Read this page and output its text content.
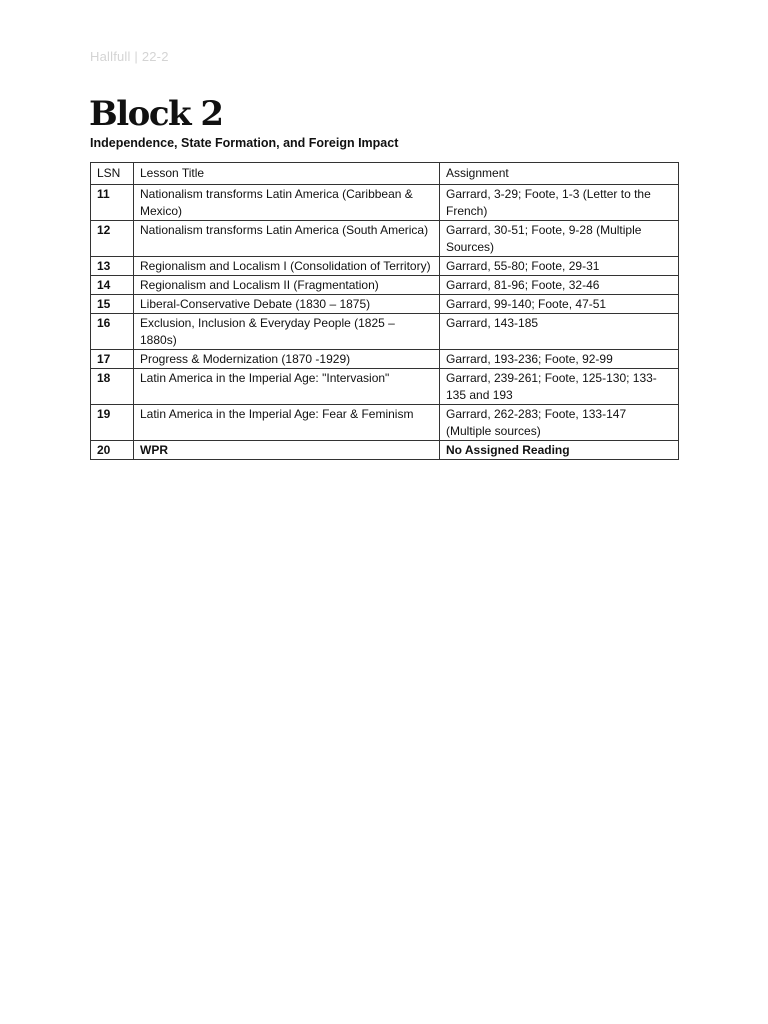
Hallfull | 22-2
Block 2
Independence, State Formation, and Foreign Impact
LSN	Lesson Title	Assignment
11	Nationalism transforms Latin America (Caribbean & Mexico)	Garrard, 3-29; Foote, 1-3 (Letter to the French)
12	Nationalism transforms Latin America (South America)	Garrard, 30-51; Foote, 9-28 (Multiple Sources)
13	Regionalism and Localism I (Consolidation of Territory)	Garrard, 55-80; Foote, 29-31
14	Regionalism and Localism II (Fragmentation)	Garrard, 81-96; Foote, 32-46
15	Liberal-Conservative Debate (1830 – 1875)	Garrard, 99-140; Foote, 47-51
16	Exclusion, Inclusion & Everyday People (1825 – 1880s)	Garrard, 143-185
17	Progress & Modernization (1870 -1929)	Garrard, 193-236; Foote, 92-99
18	Latin America in the Imperial Age: "Intervasion"	Garrard, 239-261; Foote, 125-130; 133-135 and 193
19	Latin America in the Imperial Age: Fear & Feminism	Garrard, 262-283; Foote, 133-147 (Multiple sources)
20	WPR	No Assigned Reading
